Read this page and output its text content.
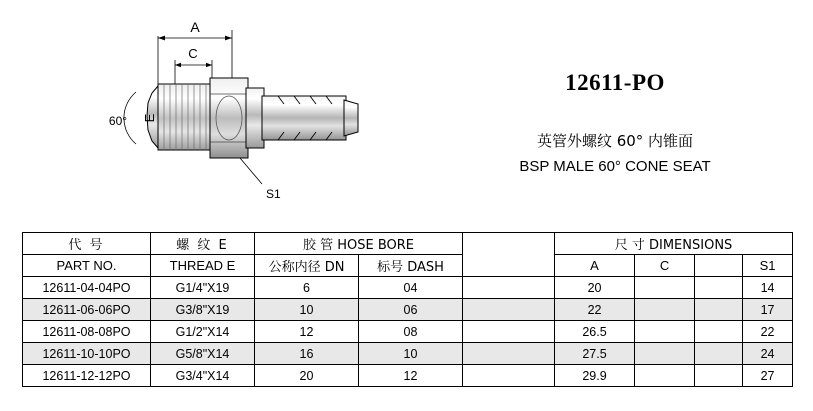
A
C
60° E
S1
12611-PO
英管外螺纹 60° 内锥面
BSP MALE 60° CONE SEAT
代 号	螺 纹 E	胶 管 HOSE BORE			尺 寸 DIMENSIONS			
PART NO.	THREAD E	公称内径 DN	标号 DASH		A	C		S1
12611-04-04PO	G1/4"X19	6	04		20			14
12611-06-06PO	G3/8"X19	10	06		22			17
12611-08-08PO	G1/2"X14	12	08		26.5			22
12611-10-10PO	G5/8"X14	16	10		27.5			24
12611-12-12PO	G3/4"X14	20	12		29.9			27
